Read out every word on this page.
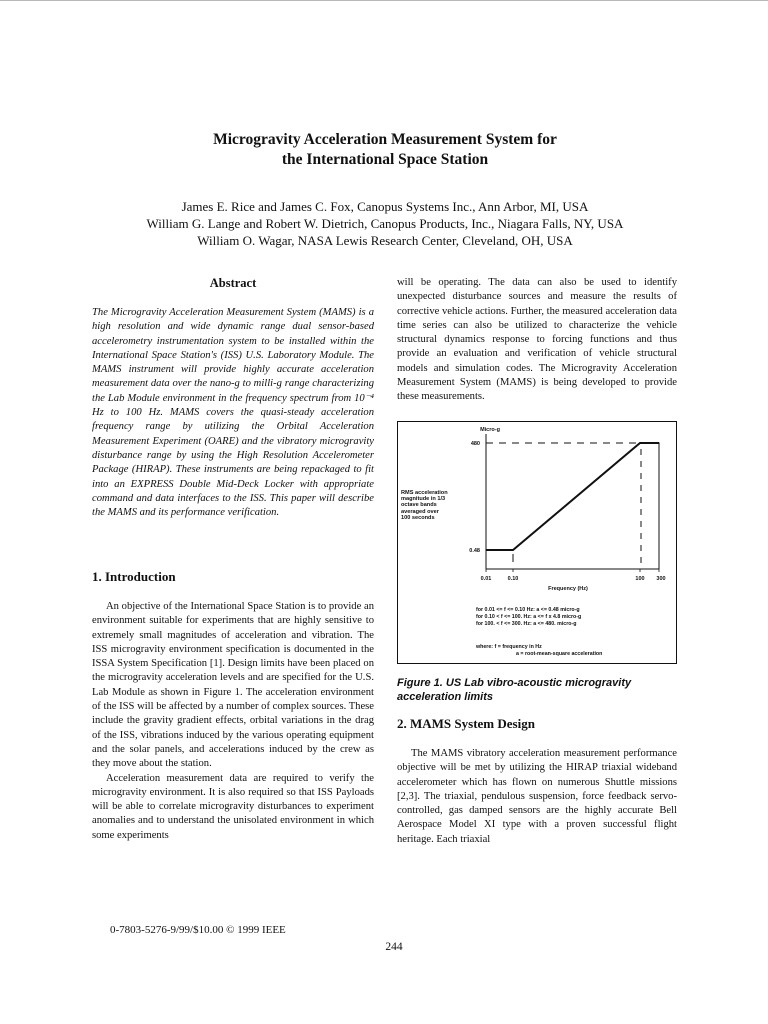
Microgravity Acceleration Measurement System for
the International Space Station
James E. Rice and James C. Fox, Canopus Systems Inc., Ann Arbor, MI, USA
William G. Lange and Robert W. Dietrich, Canopus Products, Inc., Niagara Falls, NY, USA
William O. Wagar, NASA Lewis Research Center, Cleveland, OH, USA
Abstract
The Microgravity Acceleration Measurement System (MAMS) is a high resolution and wide dynamic range dual sensor-based accelerometry instrumentation system to be installed within the International Space Station's (ISS) U.S. Laboratory Module. The MAMS instrument will provide highly accurate acceleration measurement data over the nano-g to milli-g range characterizing the Lab Module environment in the frequency spectrum from 10⁻⁴ Hz to 100 Hz. MAMS covers the quasi-steady acceleration frequency range by utilizing the Orbital Acceleration Measurement Experiment (OARE) and the vibratory microgravity disturbance range by using the High Resolution Accelerometer Package (HIRAP). These instruments are being repackaged to fit into an EXPRESS Double Mid-Deck Locker with appropriate command and data interfaces to the ISS. This paper will describe the MAMS and its performance verification.
1. Introduction

An objective of the International Space Station is to provide an environment suitable for experiments that are highly sensitive to extremely small magnitudes of acceleration and vibration. The ISS microgravity environment specification is documented in the ISSA System Specification [1]. Design limits have been placed on the microgravity acceleration levels and are specified for the U.S. Lab Module as shown in Figure 1. The acceleration environment of the ISS will be affected by a number of complex sources. These include the gravity gradient effects, orbital variations in the drag of the ISS, vibrations induced by the various operating equipment and the solar panels, and accelerations induced by the crew as they move about the station.

Acceleration measurement data are required to verify the microgravity environment. It is also required so that ISS Payloads will be able to correlate microgravity disturbances to experiment anomalies and to understand the unisolated environment in which some experiments

will be operating. The data can also be used to identify unexpected disturbance sources and measure the results of corrective vehicle actions. Further, the measured acceleration data time series can also be utilized to characterize the vehicle structural dynamics response to forcing functions and thus provide an evaluation and verification of vehicle structural models and simulation codes. The Microgravity Acceleration Measurement System (MAMS) is being developed to provide these measurements.
Micro-g
480
0.48
0.01	0.10	100 300
Frequency (Hz)
RMS acceleration
magnitude in 1/3
octave bands
averaged over
100 seconds
for 0.01 <= f <= 0.10 Hz: a <= 0.48 micro-g
for 0.10 < f <= 100. Hz: a <= f x 4.8 micro-g
for 100. < f <= 300. Hz: a <= 480. micro-g
where: f = frequency in Hz
a = root-mean-square acceleration
Figure 1. US Lab vibro-acoustic microgravity acceleration limits
2. MAMS System Design

The MAMS vibratory acceleration measurement performance objective will be met by utilizing the HIRAP triaxial wideband accelerometer which has flown on numerous Shuttle missions [2,3]. The triaxial, pendulous suspension, force feedback servo-controlled, gas damped sensors are the highly accurate Bell Aerospace Model XI type with a proven successful flight heritage. Each triaxial

0-7803-5276-9/99/$10.00 © 1999 IEEE
244
